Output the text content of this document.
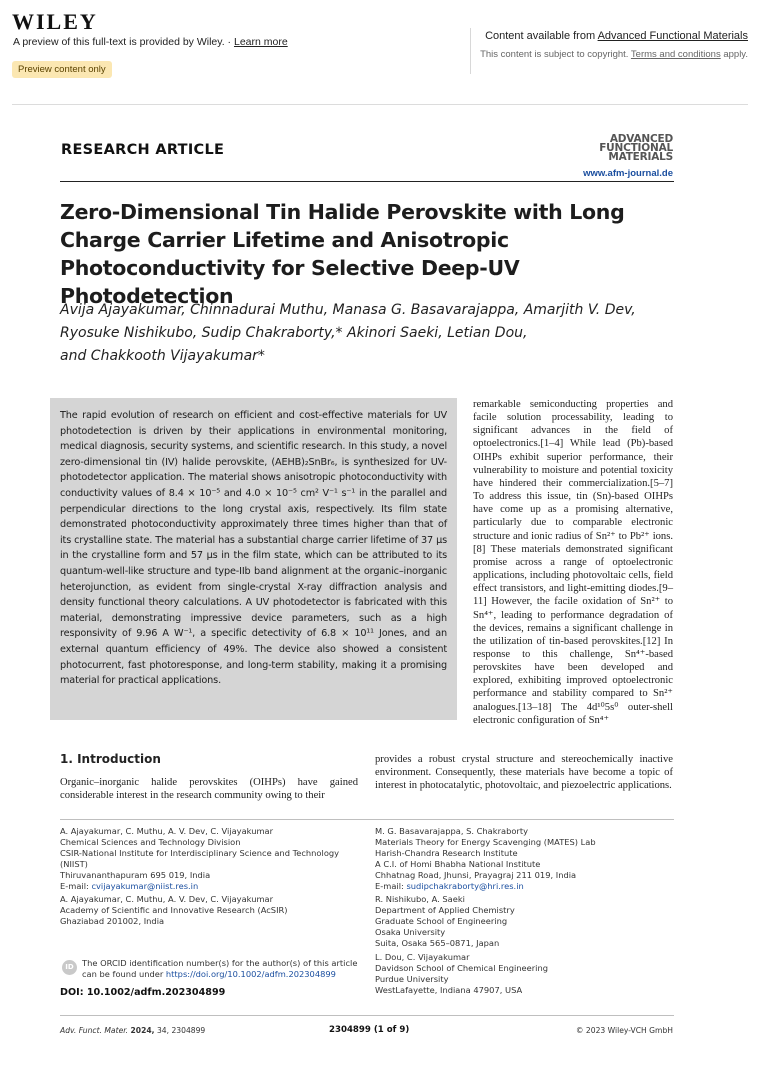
WILEY
A preview of this full-text is provided by Wiley. · Learn more
Preview content only
Content available from Advanced Functional Materials
This content is subject to copyright. Terms and conditions apply.
RESEARCH ARTICLE
ADVANCED
FUNCTIONAL
MATERIALS
www.afm-journal.de
Zero-Dimensional Tin Halide Perovskite with Long Charge Carrier Lifetime and Anisotropic Photoconductivity for Selective Deep-UV Photodetection
Avija Ajayakumar, Chinnadurai Muthu, Manasa G. Basavarajappa, Amarjith V. Dev,
Ryosuke Nishikubo, Sudip Chakraborty,* Akinori Saeki, Letian Dou,
and Chakkooth Vijayakumar*

The rapid evolution of research on efficient and cost-effective materials for UV photodetection is driven by their applications in environmental monitoring, medical diagnosis, security systems, and scientific research. In this study, a novel zero-dimensional tin (IV) halide perovskite, (AEHB)₂SnBr₆, is synthesized for UV-photodetector application. The material shows anisotropic photoconductivity with conductivity values of 8.4 × 10⁻⁵ and 4.0 × 10⁻⁵ cm² V⁻¹ s⁻¹ in the parallel and perpendicular directions to the long crystal axis, respectively. Its film state demonstrated photoconductivity approximately three times higher than that of its crystalline state. The material has a substantial charge carrier lifetime of 37 µs in the crystalline form and 57 µs in the film state, which can be attributed to its quantum-well-like structure and type-IIb band alignment at the organic–inorganic heterojunction, as evident from single-crystal X-ray diffraction analysis and density functional theory calculations. A UV photodetector is fabricated with this material, demonstrating impressive device parameters, such as a high responsivity of 9.96 A W⁻¹, a specific detectivity of 6.8 × 10¹¹ Jones, and an external quantum efficiency of 49%. The device also showed a consistent photocurrent, fast photoresponse, and long-term stability, making it a promising material for practical applications.

remarkable semiconducting properties and facile solution processability, leading to significant advances in the field of optoelectronics.[1–4] While lead (Pb)-based OIHPs exhibit superior performance, their vulnerability to moisture and potential toxicity have hindered their commercialization.[5–7] To address this issue, tin (Sn)-based OIHPs have come up as a promising alternative, particularly due to comparable electronic structure and ionic radius of Sn²⁺ to Pb²⁺ ions.[8] These materials demonstrated significant promise across a range of optoelectronic applications, including photovoltaic cells, field effect transistors, and light-emitting diodes.[9–11] However, the facile oxidation of Sn²⁺ to Sn⁴⁺, leading to performance degradation of the devices, remains a significant challenge in the utilization of tin-based perovskites.[12] In response to this challenge, Sn⁴⁺-based perovskites have been developed and explored, exhibiting improved optoelectronic performance and stability compared to Sn²⁺ analogues.[13–18] The 4d¹⁰5s⁰ outer-shell electronic configuration of Sn⁴⁺

1. Introduction

Organic–inorganic halide perovskites (OIHPs) have gained considerable interest in the research community owing to their

provides a robust crystal structure and stereochemically inactive environment. Consequently, these materials have become a topic of interest in photocatalytic, photovoltaic, and piezoelectric applications.

A. Ajayakumar, C. Muthu, A. V. Dev, C. Vijayakumar
Chemical Sciences and Technology Division
CSIR-National Institute for Interdisciplinary Science and Technology
(NIIST)
Thiruvananthapuram 695 019, India
E-mail: cvijayakumar@niist.res.in
A. Ajayakumar, C. Muthu, A. V. Dev, C. Vijayakumar
Academy of Scientific and Innovative Research (AcSIR)
Ghaziabad 201002, India
M. G. Basavarajappa, S. Chakraborty
Materials Theory for Energy Scavenging (MATES) Lab
Harish-Chandra Research Institute
A C.I. of Homi Bhabha National Institute
Chhatnag Road, Jhunsi, Prayagraj 211 019, India
E-mail: sudipchakraborty@hri.res.in
R. Nishikubo, A. Saeki
Department of Applied Chemistry
Graduate School of Engineering
Osaka University
Suita, Osaka 565–0871, Japan
L. Dou, C. Vijayakumar
Davidson School of Chemical Engineering
Purdue University
WestLafayette, Indiana 47907, USA
ID The ORCID identification number(s) for the author(s) of this article
can be found under https://doi.org/10.1002/adfm.202304899
DOI: 10.1002/adfm.202304899
Adv. Funct. Mater. 2024, 34, 2304899	2304899 (1 of 9)	© 2023 Wiley-VCH GmbH
